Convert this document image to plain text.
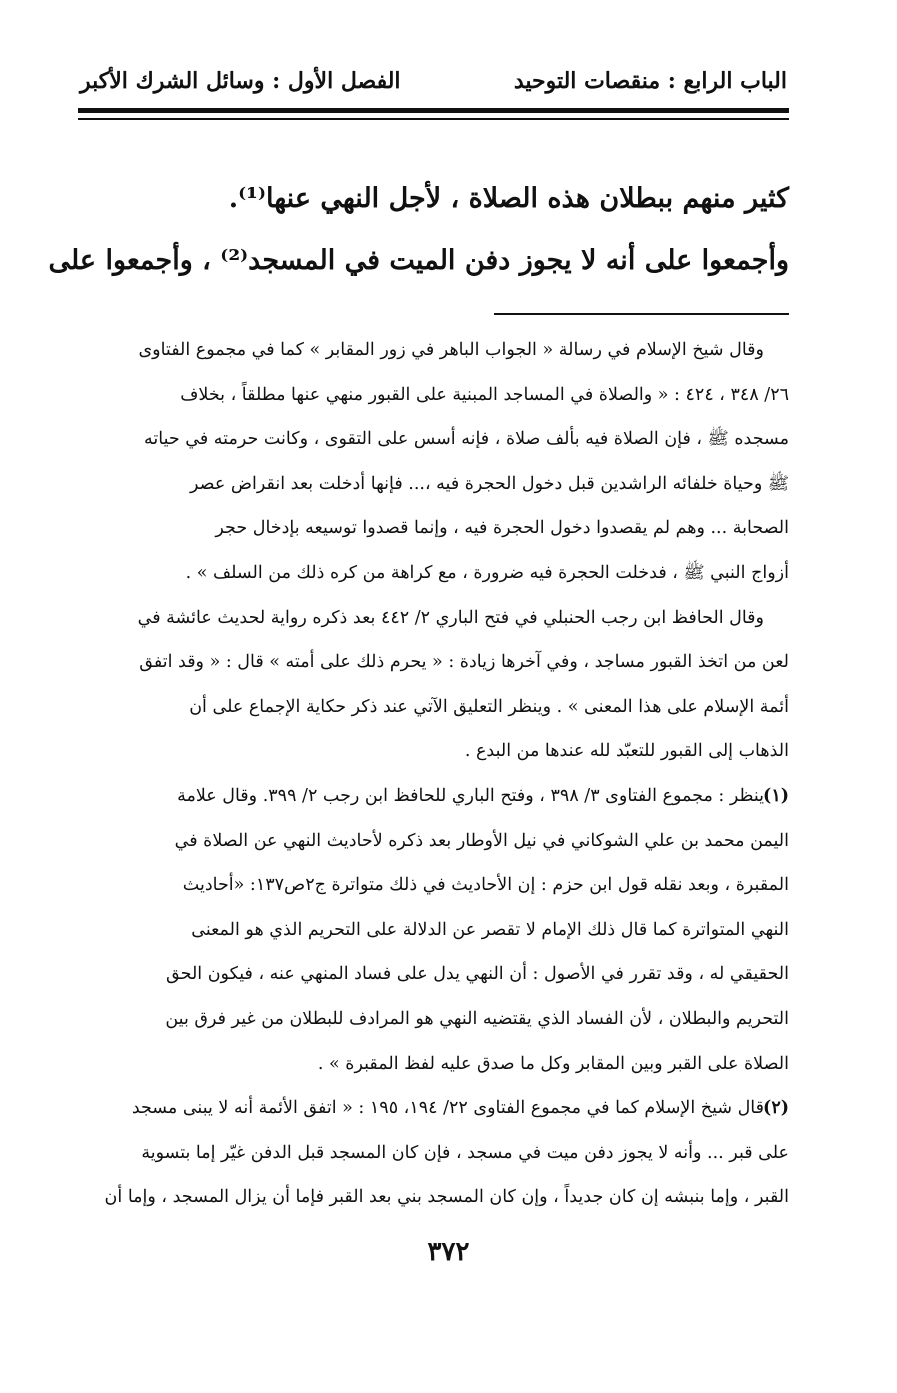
الباب الرابع : منقصات التوحيد
الفصل الأول : وسائل الشرك الأكبر

كثير منهم ببطلان هذه الصلاة ، لأجل النهي عنها⁽¹⁾.

وأجمعوا على أنه لا يجوز دفن الميت في المسجد⁽²⁾ ، وأجمعوا على

وقال شيخ الإسلام في رسالة « الجواب الباهر في زور المقابر » كما في مجموع الفتاوى

٢٦/ ٣٤٨ ، ٤٢٤ : « والصلاة في المساجد المبنية على القبور منهي عنها مطلقاً ، بخلاف

مسجده ﷺ ، فإن الصلاة فيه بألف صلاة ، فإنه أسس على التقوى ، وكانت حرمته في حياته

ﷺ وحياة خلفائه الراشدين قبل دخول الحجرة فيه ،... فإنها أدخلت بعد انقراض عصر

الصحابة ... وهم لم يقصدوا دخول الحجرة فيه ، وإنما قصدوا توسيعه بإدخال حجر

أزواج النبي ﷺ ، فدخلت الحجرة فيه ضرورة ، مع كراهة من كره ذلك من السلف » .

وقال الحافظ ابن رجب الحنبلي في فتح الباري ٢/ ٤٤٢ بعد ذكره رواية لحديث عائشة في

لعن من اتخذ القبور مساجد ، وفي آخرها زيادة : « يحرم ذلك على أمته » قال : « وقد اتفق

أئمة الإسلام على هذا المعنى » . وينظر التعليق الآتي عند ذكر حكاية الإجماع على أن

الذهاب إلى القبور للتعبّد لله عندها من البدع .

(١)ينظر : مجموع الفتاوى ٣/ ٣٩٨ ، وفتح الباري للحافظ ابن رجب ٢/ ٣٩٩. وقال علامة

اليمن محمد بن علي الشوكاني في نيل الأوطار بعد ذكره لأحاديث النهي عن الصلاة في

المقبرة ، وبعد نقله قول ابن حزم : إن الأحاديث في ذلك متواترة ج٢ص١٣٧: «أحاديث

النهي المتواترة كما قال ذلك الإمام لا تقصر عن الدلالة على التحريم الذي هو المعنى

الحقيقي له ، وقد تقرر في الأصول : أن النهي يدل على فساد المنهي عنه ، فيكون الحق

التحريم والبطلان ، لأن الفساد الذي يقتضيه النهي هو المرادف للبطلان من غير فرق بين

الصلاة على القبر وبين المقابر وكل ما صدق عليه لفظ المقبرة » .

(٢)قال شيخ الإسلام كما في مجموع الفتاوى ٢٢/ ١٩٤، ١٩٥ : « اتفق الأئمة أنه لا يبنى مسجد

على قبر ... وأنه لا يجوز دفن ميت في مسجد ، فإن كان المسجد قبل الدفن غيّر إما بتسوية

القبر ، وإما بنبشه إن كان جديداً ، وإن كان المسجد بني بعد القبر فإما أن يزال المسجد ، وإما أن

٣٧٢
